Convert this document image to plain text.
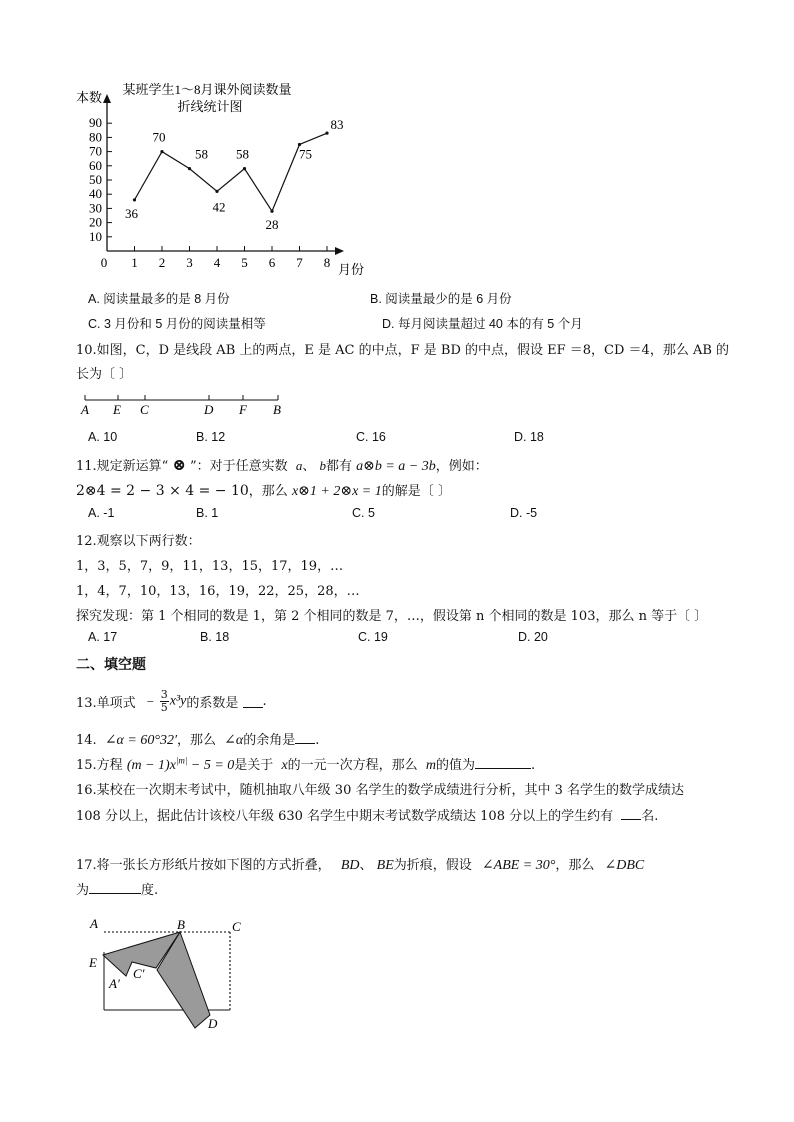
某班学生1～8月课外阅读数量
折线统计图
本数
月份
10
20
30
40
50
60
70
80
90
0 1 2 3 4 5 6 7 8
36
70
58
42
58
28
75
83
A. 阅读量最多的是 8 月份	B. 阅读量最少的是 6 月份
C. 3 月份和 5 月份的阅读量相等	D. 每月阅读量超过 40 本的有 5 个月
10.如图，C，D 是线段 AB 上的两点，E 是 AC 的中点，F 是 BD 的中点，假设 EF ＝8，CD ＝4，那么 AB 的
长为〔 〕
A E C	D F B
A. 10	B. 12	C. 16	D. 18
11.规定新运算“ ⊗ ”：对于任意实数 a、 b都有 a⊗b = a − 3b，例如：
2⊗4 = 2 − 3 × 4 = − 10，那么 x⊗1 + 2⊗x = 1的解是〔 〕
A. -1	B. 1	C. 5	D. -5
12.观察以下两行数：
1，3，5，7，9，11，13，15，17，19，…
1，4，7，10，13，16，19，22，25，28，…
探究发现：第 1 个相同的数是 1，第 2 个相同的数是 7，…，假设第 n 个相同的数是 103，那么 n 等于〔 〕
A. 17	B. 18	C. 19	D. 20
二、填空题
13.单项式 − $\frac{3}{5} x^3y$的系数是 .
14. ∠α = 60°32′，那么 ∠α的余角是 .
15.方程 $(m - 1)x^{|m|} - 5 = 0$是关于 x的一元一次方程，那么 m的值为	.
16.某校在一次期末考试中，随机抽取八年级 30 名学生的数学成绩进行分析，其中 3 名学生的数学成绩达
108 分以上，据此估计该校八年级 630 名学生中期末考试数学成绩达 108 分以上的学生约有 名.
17.将一张长方形纸片按如下图的方式折叠， BD、 BE为折痕，假设 ∠ABE = 30°，那么 ∠DBC
为	度.
A	B	C
E
C′
A′
D
